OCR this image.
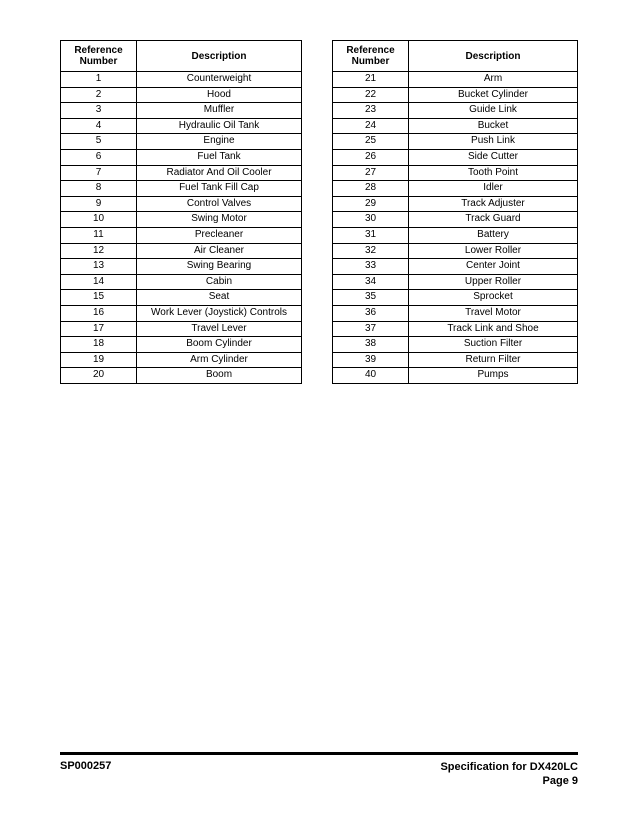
Reference
Number	Description
1	Counterweight
2	Hood
3	Muffler
4	Hydraulic Oil Tank
5	Engine
6	Fuel Tank
7	Radiator And Oil Cooler
8	Fuel Tank Fill Cap
9	Control Valves
10	Swing Motor
11	Precleaner
12	Air Cleaner
13	Swing Bearing
14	Cabin
15	Seat
16	Work Lever (Joystick) Controls
17	Travel Lever
18	Boom Cylinder
19	Arm Cylinder
20	Boom
Reference
Number	Description
21	Arm
22	Bucket Cylinder
23	Guide Link
24	Bucket
25	Push Link
26	Side Cutter
27	Tooth Point
28	Idler
29	Track Adjuster
30	Track Guard
31	Battery
32	Lower Roller
33	Center Joint
34	Upper Roller
35	Sprocket
36	Travel Motor
37	Track Link and Shoe
38	Suction Filter
39	Return Filter
40	Pumps
SP000257	Specification for DX420LC
Page 9
